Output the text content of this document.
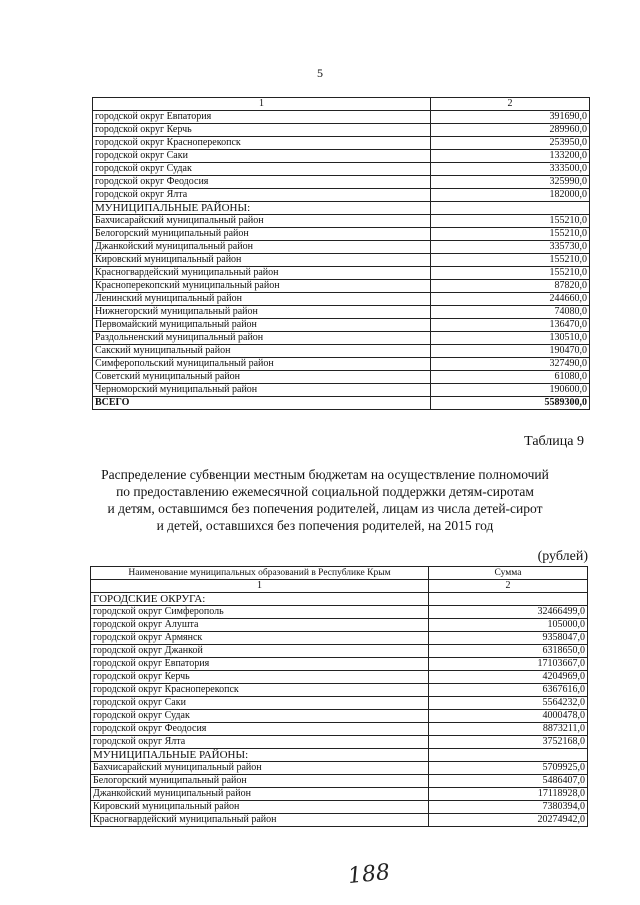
5
1	2
городской округ Евпатория	391690,0
городской округ Керчь	289960,0
городской округ Красноперекопск	253950,0
городской округ Саки	133200,0
городской округ Судак	333500,0
городской округ Феодосия	325990,0
городской округ Ялта	182000,0
МУНИЦИПАЛЬНЫЕ РАЙОНЫ:	
Бахчисарайский муниципальный район	155210,0
Белогорский муниципальный район	155210,0
Джанкойский муниципальный район	335730,0
Кировский муниципальный район	155210,0
Красногвардейский муниципальный район	155210,0
Красноперекопский муниципальный район	87820,0
Ленинский муниципальный район	244660,0
Нижнегорский муниципальный район	74080,0
Первомайский муниципальный район	136470,0
Раздольненский муниципальный район	130510,0
Сакский муниципальный район	190470,0
Симферопольский муниципальный район	327490,0
Советский муниципальный район	61080,0
Черноморский муниципальный район	190600,0
ВСЕГО	5589300,0
Таблица 9
Распределение субвенции местным бюджетам на осуществление полномочий
по предоставлению ежемесячной социальной поддержки детям-сиротам
и детям, оставшимся без попечения родителей, лицам из числа детей-сирот
и детей, оставшихся без попечения родителей, на 2015 год
(рублей)
Наименование муниципальных образований в Республике Крым	Сумма
1	2
ГОРОДСКИЕ ОКРУГА:	
городской округ Симферополь	32466499,0
городской округ Алушта	105000,0
городской округ Армянск	9358047,0
городской округ Джанкой	6318650,0
городской округ Евпатория	17103667,0
городской округ Керчь	4204969,0
городской округ Красноперекопск	6367616,0
городской округ Саки	5564232,0
городской округ Судак	4000478,0
городской округ Феодосия	8873211,0
городской округ Ялта	3752168,0
МУНИЦИПАЛЬНЫЕ РАЙОНЫ:	
Бахчисарайский муниципальный район	5709925,0
Белогорский муниципальный район	5486407,0
Джанкойский муниципальный район	17118928,0
Кировский муниципальный район	7380394,0
Красногвардейский муниципальный район	20274942,0
188
